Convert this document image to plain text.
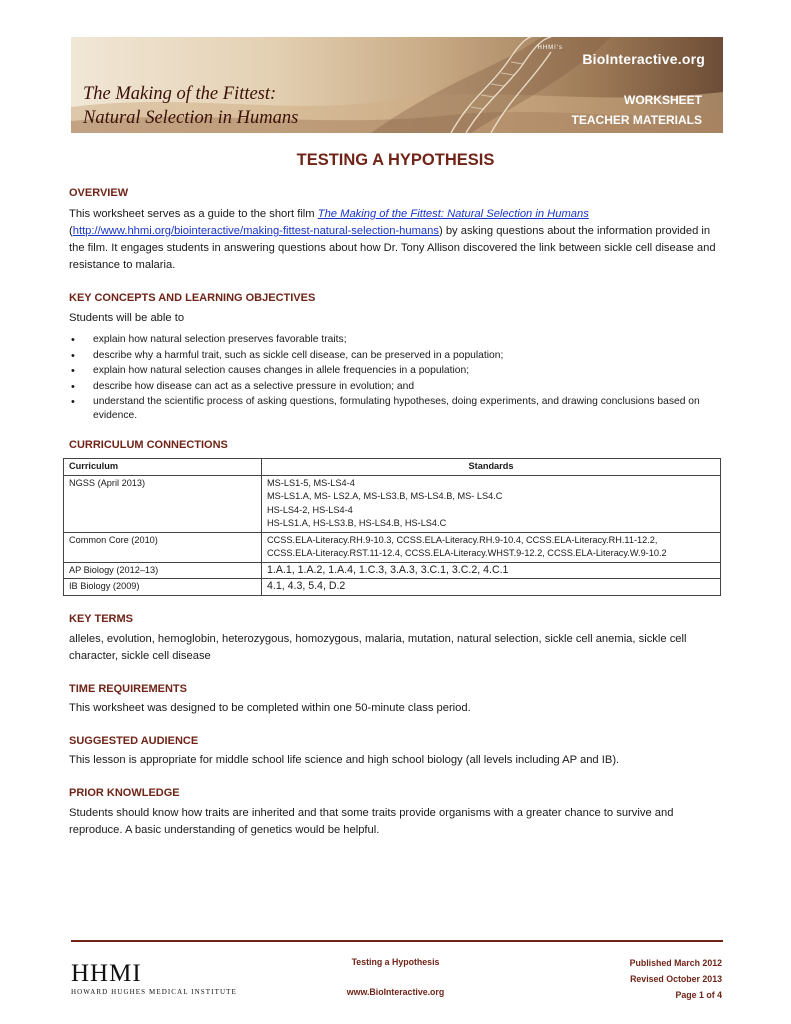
The Making of the Fittest:
Natural Selection in Humans
HHMI's
BioInteractive.org
WORKSHEET
TEACHER MATERIALS
TESTING A HYPOTHESIS
OVERVIEW

This worksheet serves as a guide to the short film The Making of the Fittest: Natural Selection in Humans
(http://www.hhmi.org/biointeractive/making-fittest-natural-selection-humans) by asking questions about the information provided in the film. It engages students in answering questions about how Dr. Tony Allison discovered the link between sickle cell disease and resistance to malaria.

KEY CONCEPTS AND LEARNING OBJECTIVES

Students will be able to

• explain how natural selection preserves favorable traits;
• describe why a harmful trait, such as sickle cell disease, can be preserved in a population;
• explain how natural selection causes changes in allele frequencies in a population;
• describe how disease can act as a selective pressure in evolution; and
• understand the scientific process of asking questions, formulating hypotheses, doing experiments, and drawing conclusions based on evidence.
CURRICULUM CONNECTIONS
Curriculum	Standards
NGSS (April 2013)	MS-LS1-5, MS-LS4-4
MS-LS1.A, MS- LS2.A, MS-LS3.B, MS-LS4.B, MS- LS4.C
HS-LS4-2, HS-LS4-4
HS-LS1.A, HS-LS3.B, HS-LS4.B, HS-LS4.C

Common Core (2010)	CCSS.ELA-Literacy.RH.9-10.3, CCSS.ELA-Literacy.RH.9-10.4, CCSS.ELA-Literacy.RH.11-12.2,
CCSS.ELA-Literacy.RST.11-12.4, CCSS.ELA-Literacy.WHST.9-12.2, CCSS.ELA-Literacy.W.9-10.2

AP Biology (2012–13)	1.A.1, 1.A.2, 1.A.4, 1.C.3, 3.A.3, 3.C.1, 3.C.2, 4.C.1

IB Biology (2009)	4.1, 4.3, 5.4, D.2
KEY TERMS

alleles, evolution, hemoglobin, heterozygous, homozygous, malaria, mutation, natural selection, sickle cell anemia, sickle cell character, sickle cell disease

TIME REQUIREMENTS

This worksheet was designed to be completed within one 50-minute class period.

SUGGESTED AUDIENCE

This lesson is appropriate for middle school life science and high school biology (all levels including AP and IB).

PRIOR KNOWLEDGE

Students should know how traits are inherited and that some traits provide organisms with a greater chance to survive and reproduce. A basic understanding of genetics would be helpful.

Testing a Hypothesis
www.BioInteractive.org
Published March 2012
Revised October 2013
Page 1 of 4
HHMI
HOWARD HUGHES MEDICAL INSTITUTE
